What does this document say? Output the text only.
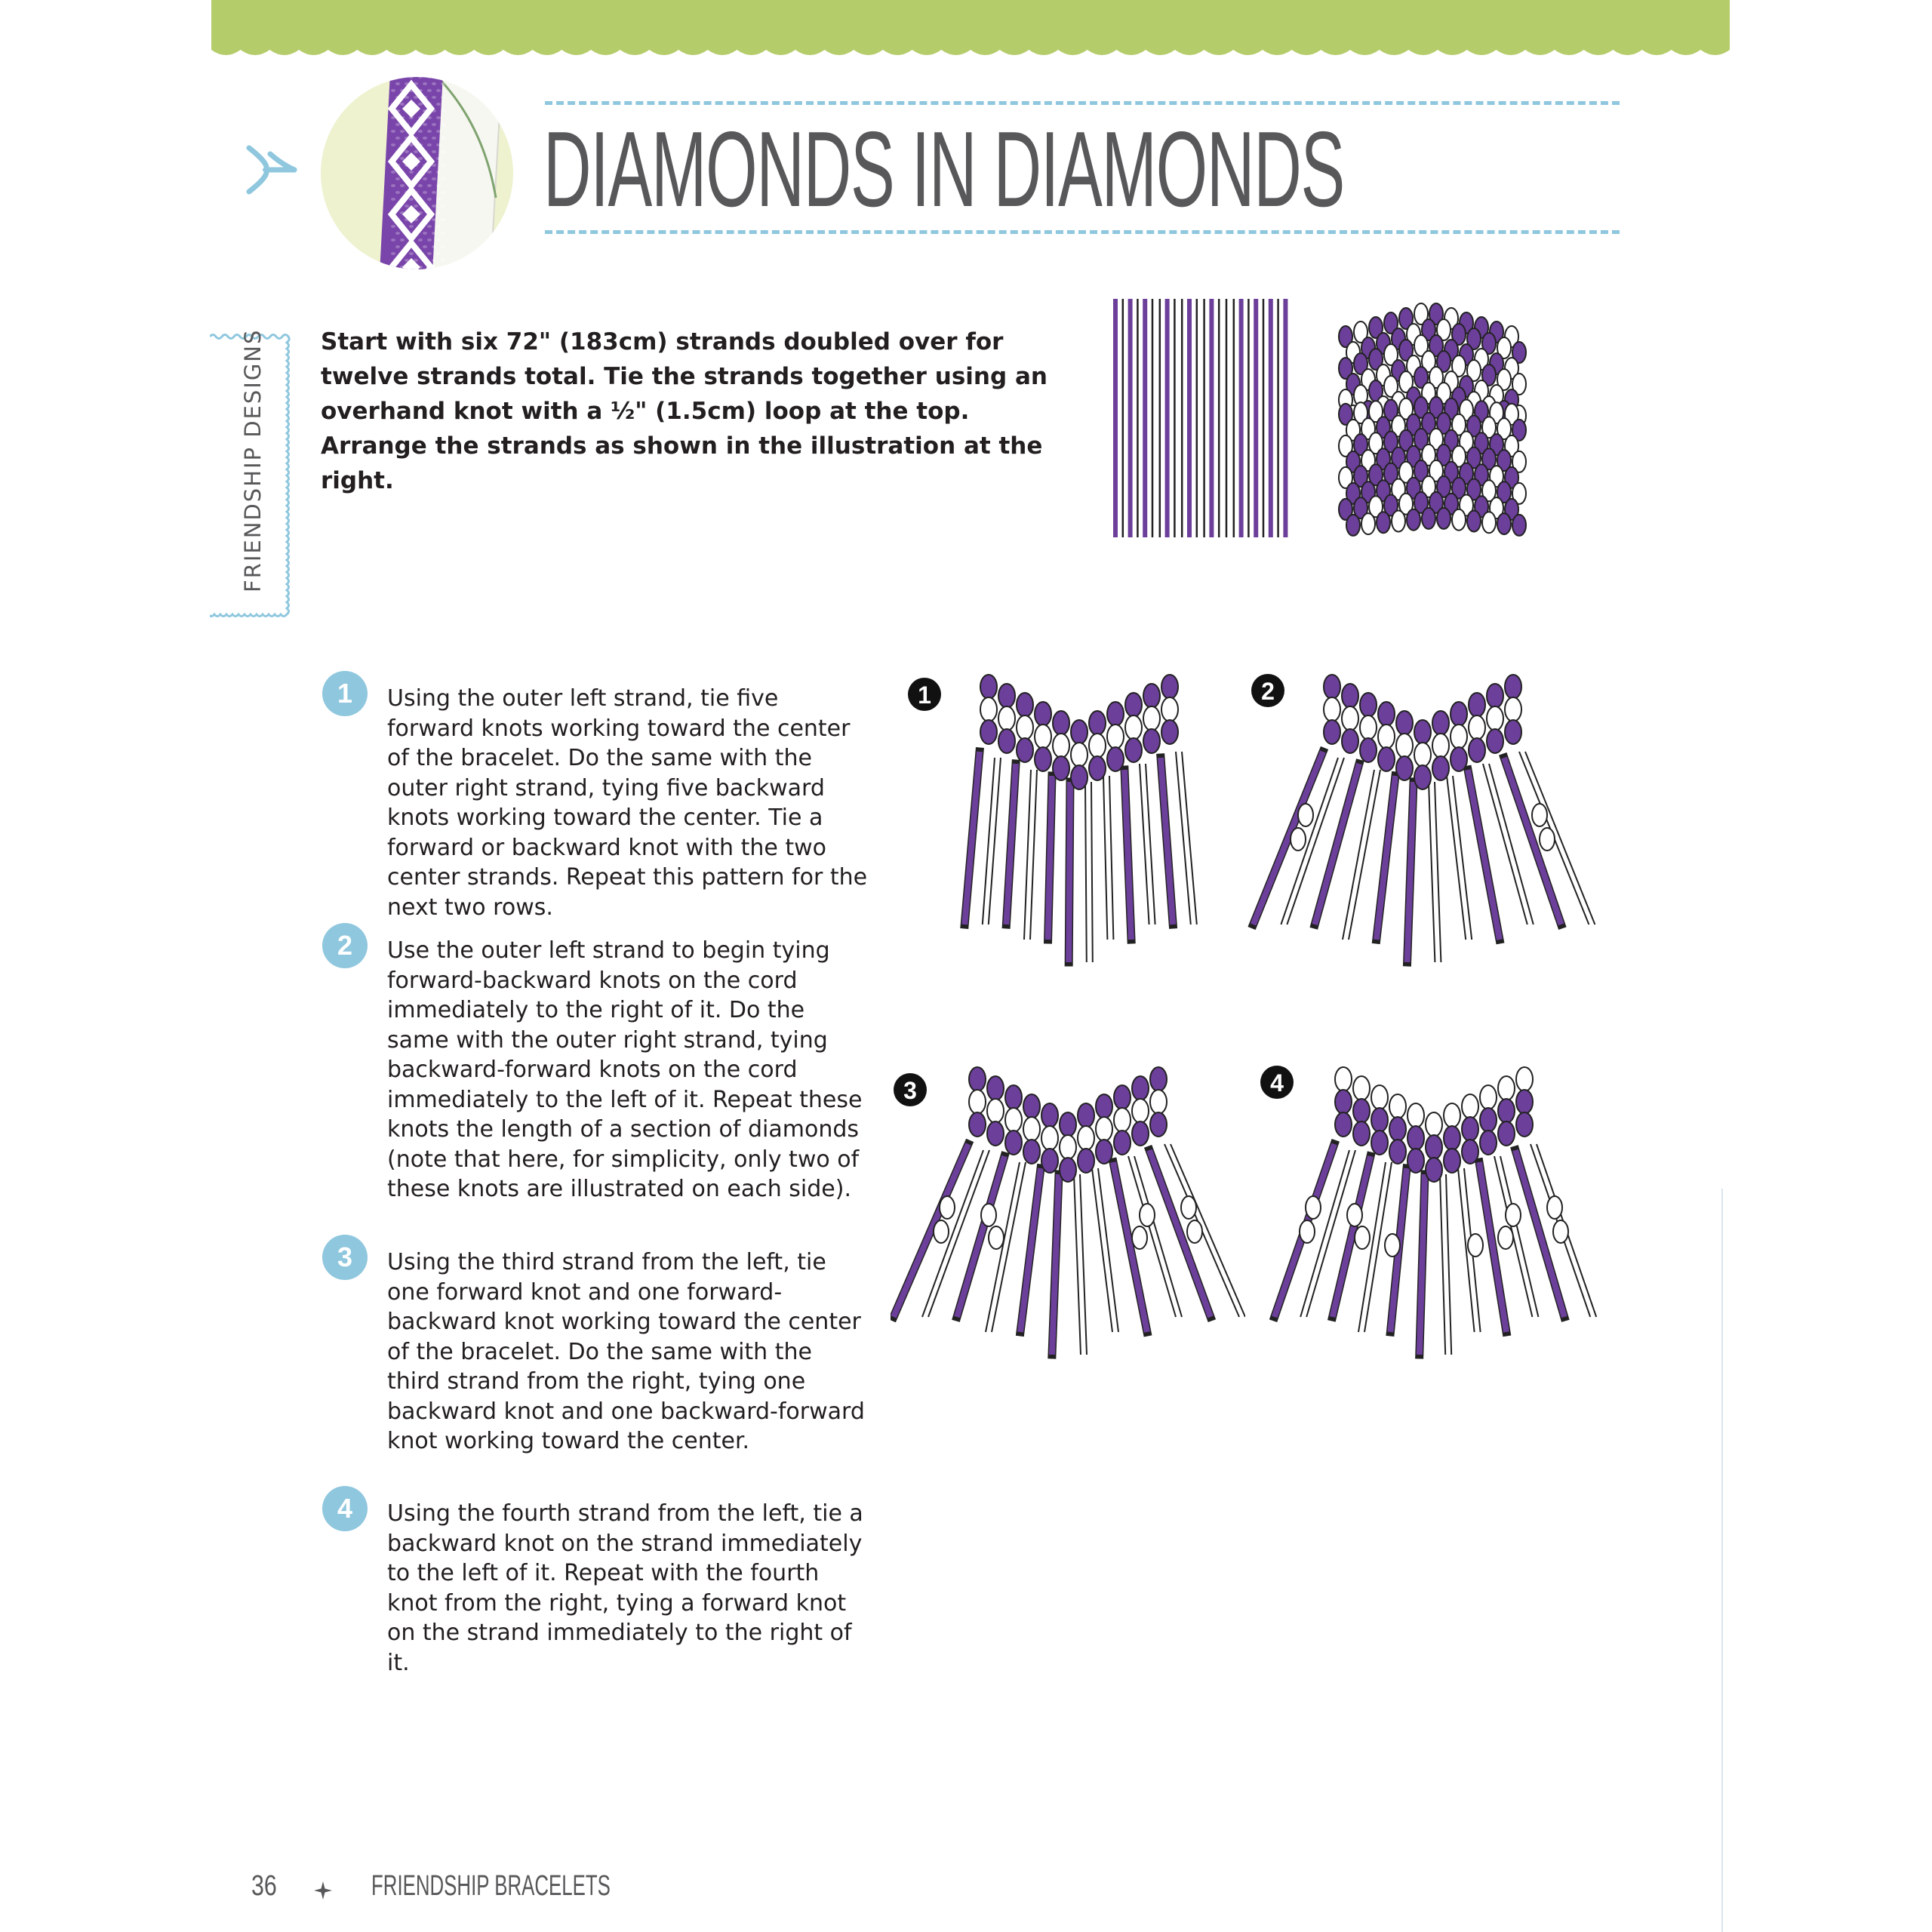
DIAMONDS IN DIAMONDS
FRIENDSHIP DESIGNS Start with six 72" (183cm) strands doubled over for twelve strands total. Tie the strands together using an overhand knot with a ½" (1.5cm) loop at the top. Arrange the strands as shown in the illustration at the right.
1 Using the outer left strand, tie five forward knots working toward the center of the bracelet. Do the same with the outer right strand, tying five backward knots working toward the center. Tie a forward or backward knot with the two center strands. Repeat this pattern for the next two rows.
2 Use the outer left strand to begin tying forward-backward knots on the cord immediately to the right of it. Do the same with the outer right strand, tying backward-forward knots on the cord immediately to the left of it. Repeat these knots the length of a section of diamonds (note that here, for simplicity, only two of these knots are illustrated on each side).
3 Using the third strand from the left, tie one forward knot and one forward-backward knot working toward the center of the bracelet. Do the same with the third strand from the right, tying one backward knot and one backward-forward knot working toward the center.
4 Using the fourth strand from the left, tie a backward knot on the strand immediately to the left of it. Repeat with the fourth knot from the right, tying a forward knot on the strand immediately to the right of it.
1	2
3	4
36	FRIENDSHIP BRACELETS
